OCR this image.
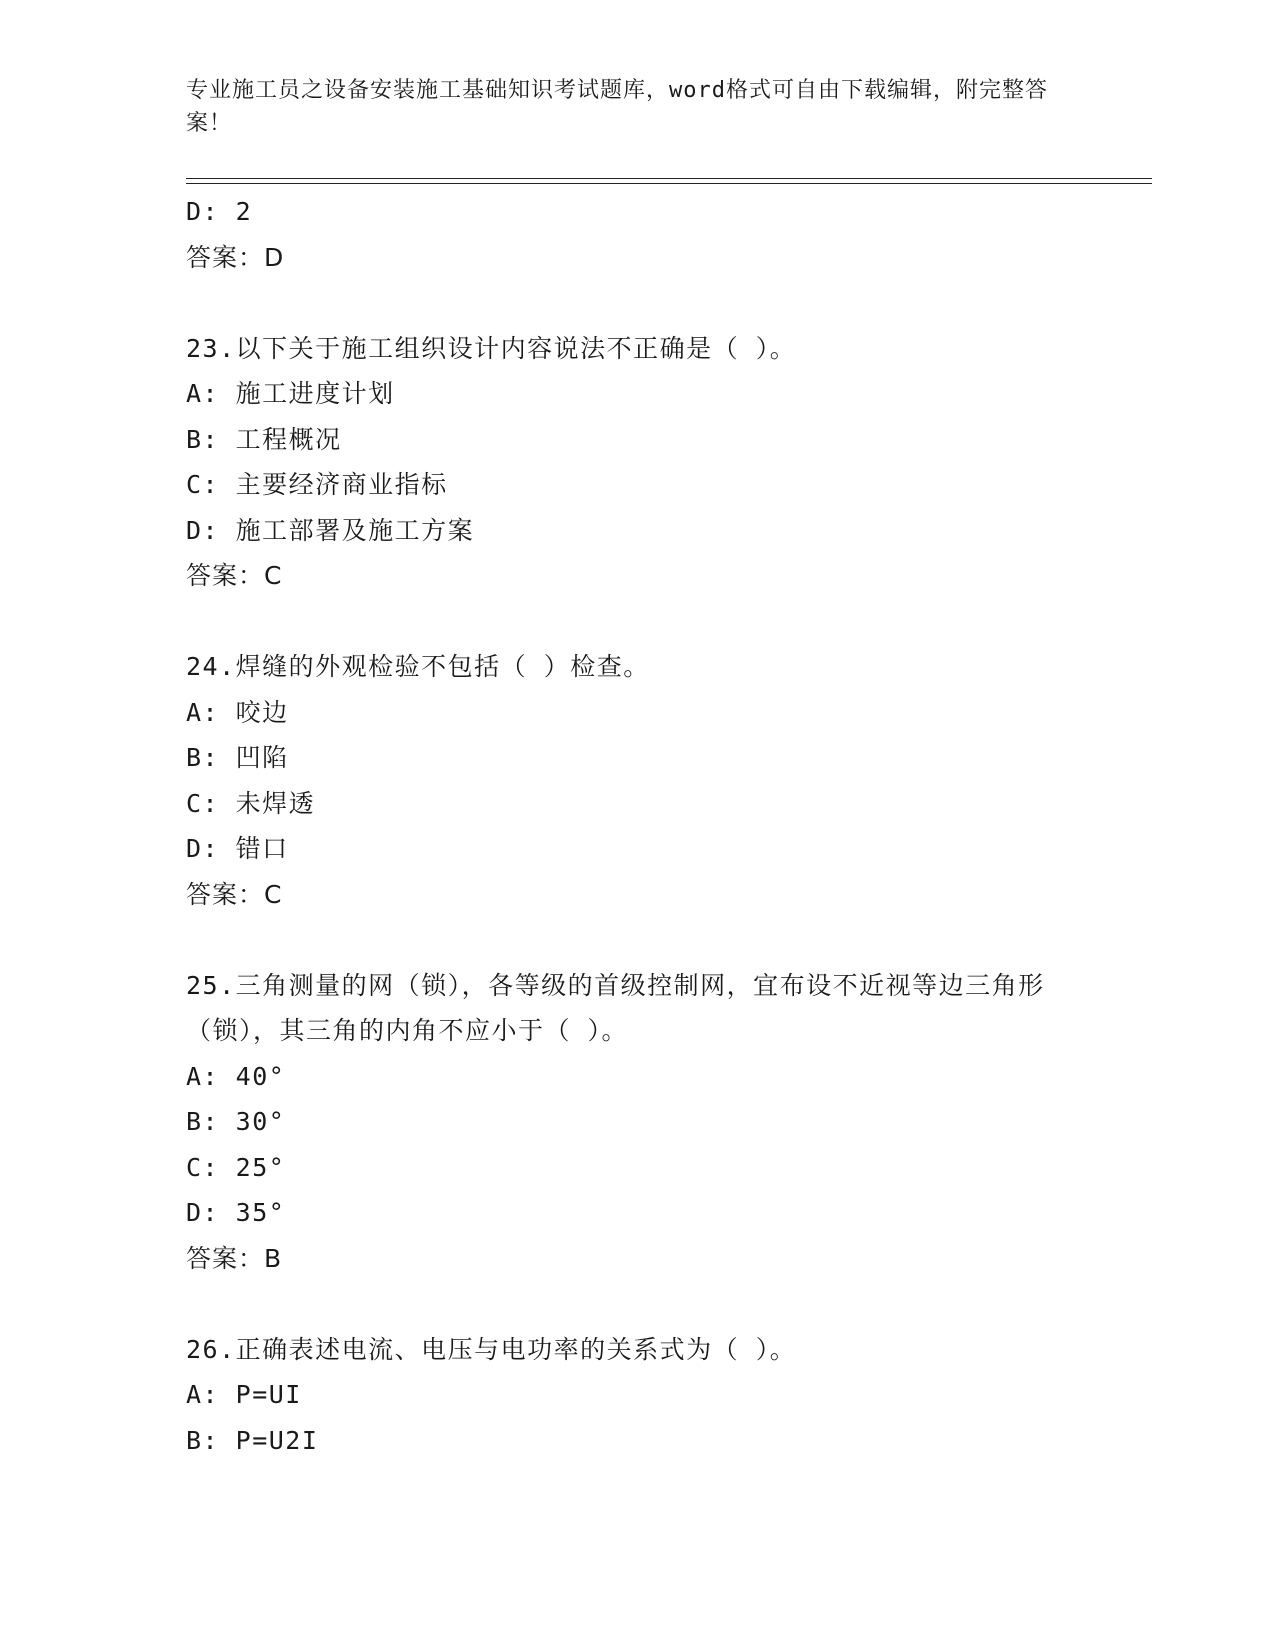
专业施工员之设备安装施工基础知识考试题库，word格式可自由下载编辑，附完整答案！
D: 2
答案：D
23.以下关于施工组织设计内容说法不正确是（ ）。
A: 施工进度计划
B: 工程概况
C: 主要经济商业指标
D: 施工部署及施工方案
答案：C
24.焊缝的外观检验不包括（ ）检查。
A: 咬边
B: 凹陷
C: 未焊透
D: 错口
答案：C
25.三角测量的网（锁），各等级的首级控制网，宜布设不近视等边三角形（锁），其三角的内角不应小于（ ）。
A: 40°
B: 30°
C: 25°
D: 35°
答案：B
26.正确表述电流、电压与电功率的关系式为（ ）。
A: P=UI
B: P=U2I
